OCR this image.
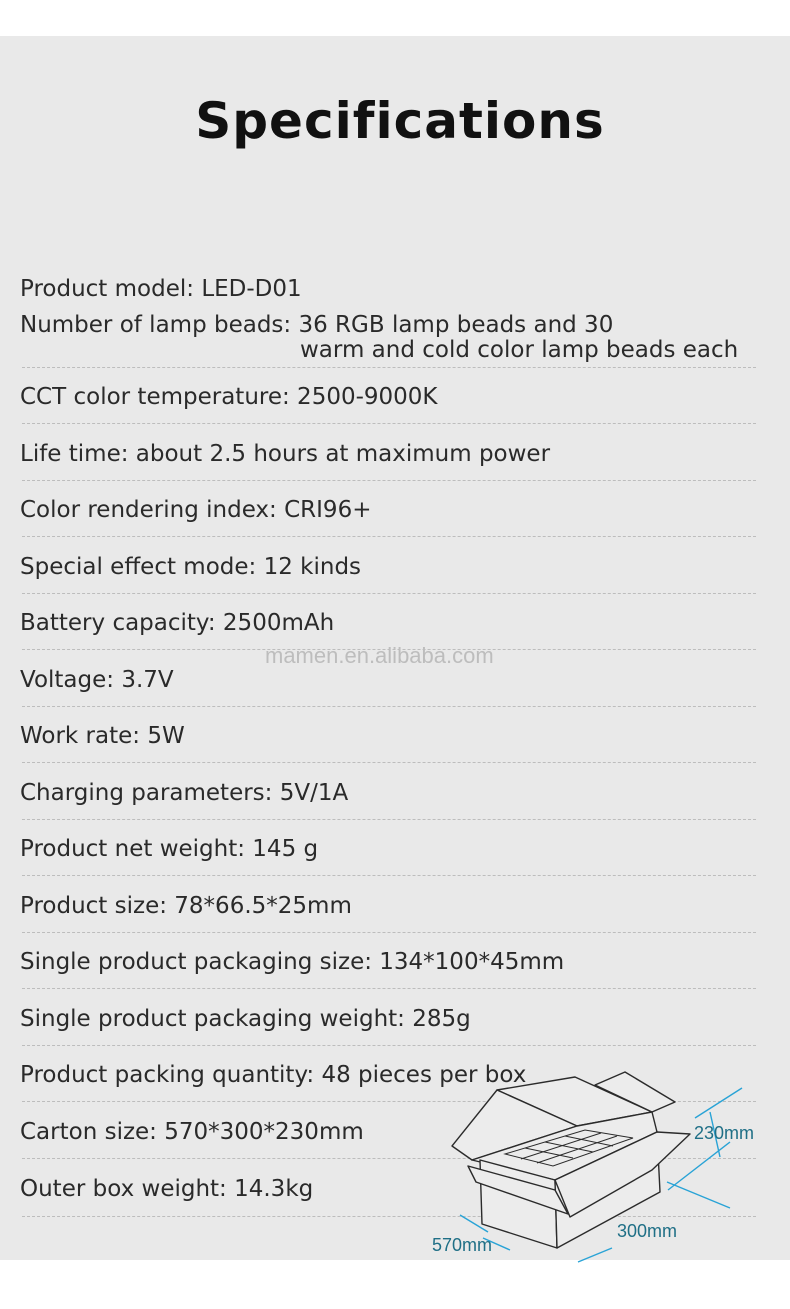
Specifications
Product model: LED-D01
Number of lamp beads: 36 RGB lamp beads and 30
warm and cold color lamp beads each
CCT color temperature: 2500-9000K
Life time: about 2.5 hours at maximum power
Color rendering index: CRI96+
Special effect mode: 12 kinds
Battery capacity: 2500mAh
Voltage: 3.7V
Work rate: 5W
Charging parameters: 5V/1A
Product net weight: 145 g
Product size: 78*66.5*25mm
Single product packaging size: 134*100*45mm
Single product packaging weight: 285g
Product packing quantity: 48 pieces per box
Carton size: 570*300*230mm
Outer box weight: 14.3kg
mamen.en.alibaba.com
230mm
300mm
570mm
